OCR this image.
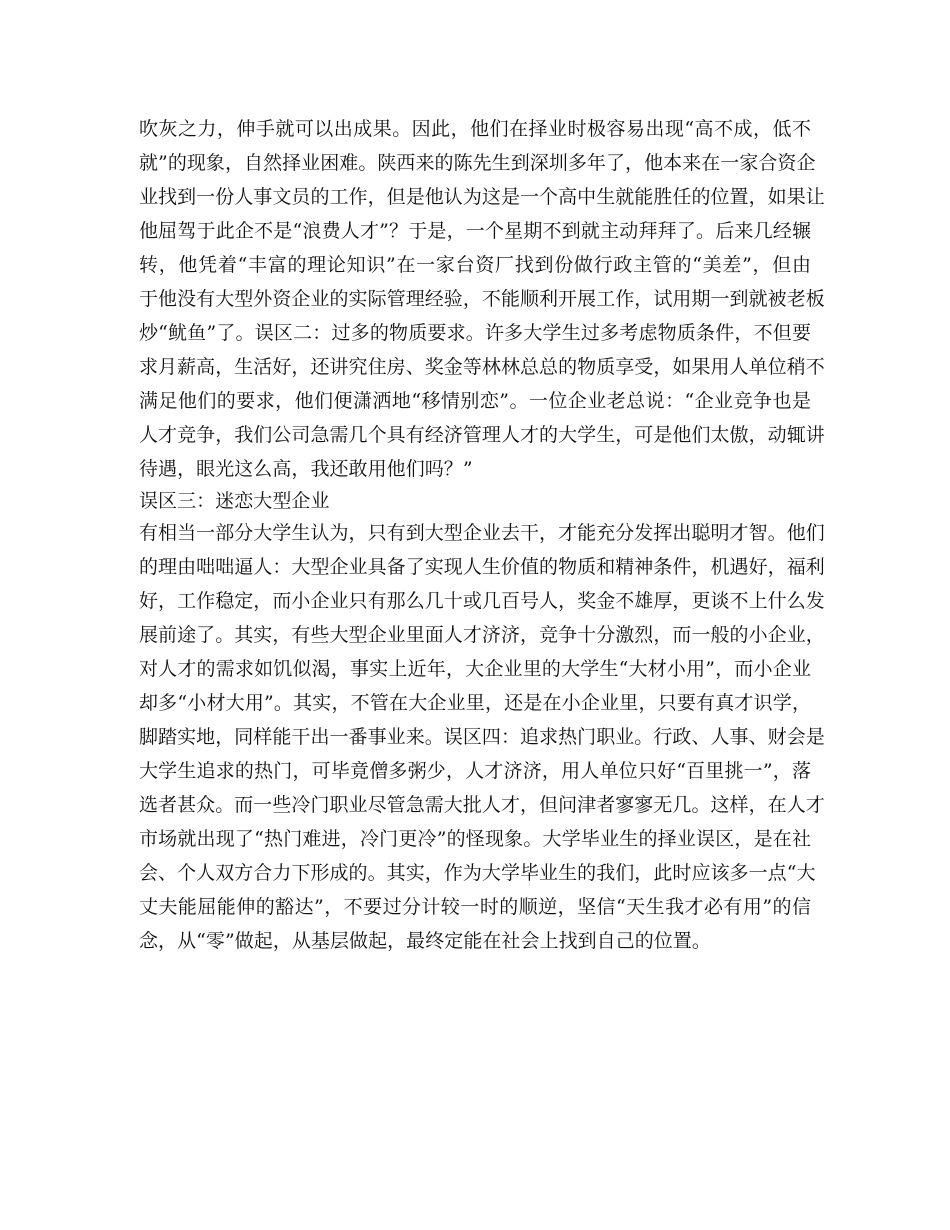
吹灰之力，伸手就可以出成果。因此，他们在择业时极容易出现“高不成，低不
就”的现象，自然择业困难。陕西来的陈先生到深圳多年了，他本来在一家合资企
业找到一份人事文员的工作，但是他认为这是一个高中生就能胜任的位置，如果让
他屈驾于此企不是“浪费人才”？于是，一个星期不到就主动拜拜了。后来几经辗
转，他凭着“丰富的理论知识”在一家台资厂找到份做行政主管的“美差”，但由
于他没有大型外资企业的实际管理经验，不能顺利开展工作，试用期一到就被老板
炒“鱿鱼”了。误区二：过多的物质要求。许多大学生过多考虑物质条件，不但要
求月薪高，生活好，还讲究住房、奖金等林林总总的物质享受，如果用人单位稍不
满足他们的要求，他们便潇洒地“移情别恋”。一位企业老总说：“企业竞争也是
人才竞争，我们公司急需几个具有经济管理人才的大学生，可是他们太傲，动辄讲
待遇，眼光这么高，我还敢用他们吗？”
误区三：迷恋大型企业
有相当一部分大学生认为，只有到大型企业去干，才能充分发挥出聪明才智。他们
的理由咄咄逼人：大型企业具备了实现人生价值的物质和精神条件，机遇好，福利
好，工作稳定，而小企业只有那么几十或几百号人，奖金不雄厚，更谈不上什么发
展前途了。其实，有些大型企业里面人才济济，竞争十分激烈，而一般的小企业，
对人才的需求如饥似渴，事实上近年，大企业里的大学生“大材小用”，而小企业
却多“小材大用”。其实，不管在大企业里，还是在小企业里，只要有真才识学，
脚踏实地，同样能干出一番事业来。误区四：追求热门职业。行政、人事、财会是
大学生追求的热门，可毕竟僧多粥少，人才济济，用人单位只好“百里挑一”，落
选者甚众。而一些冷门职业尽管急需大批人才，但问津者寥寥无几。这样，在人才
市场就出现了“热门难进，冷门更冷”的怪现象。大学毕业生的择业误区，是在社
会、个人双方合力下形成的。其实，作为大学毕业生的我们，此时应该多一点“大
丈夫能屈能伸的豁达”，不要过分计较一时的顺逆，坚信“天生我才必有用”的信
念，从“零”做起，从基层做起，最终定能在社会上找到自己的位置。
